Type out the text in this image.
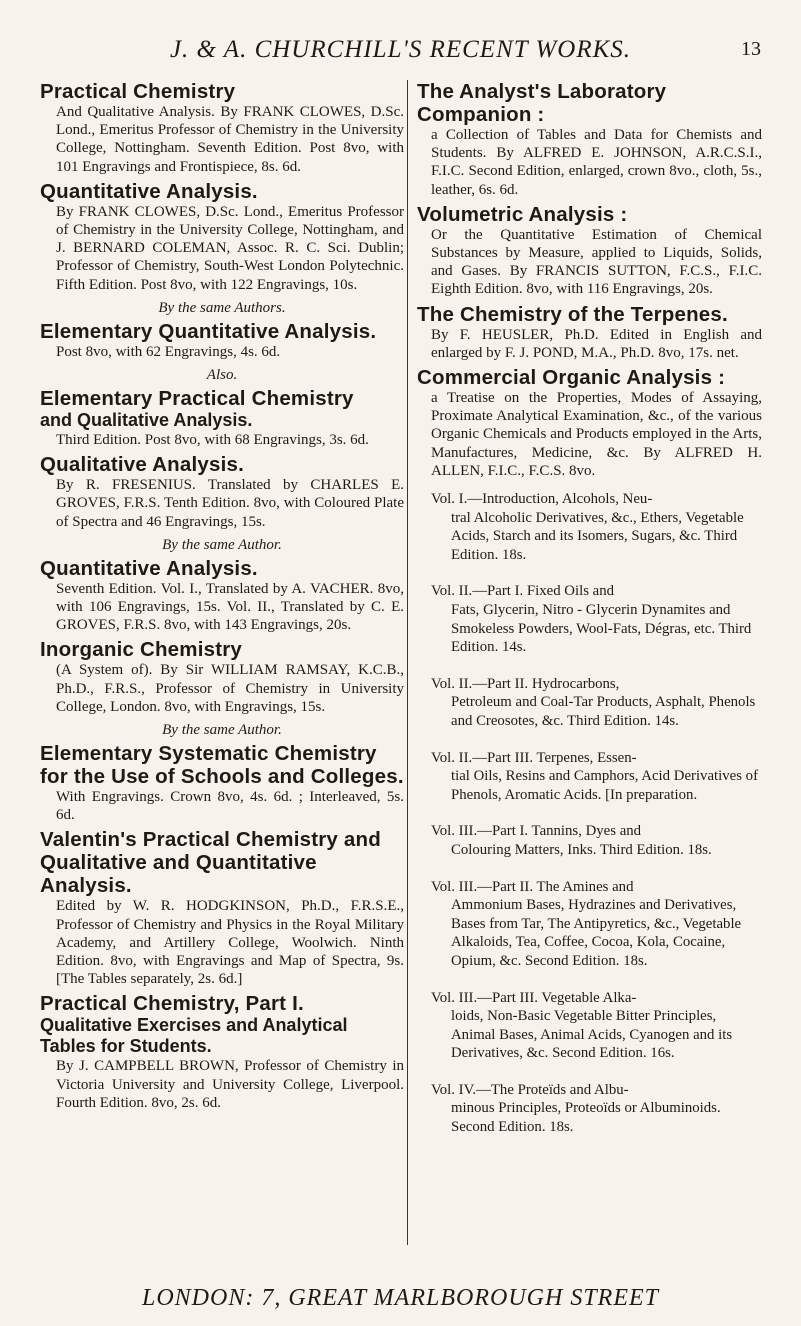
J. & A. CHURCHILL'S RECENT WORKS.	13
Practical Chemistry
And Qualitative Analysis. By FRANK CLOWES, D.Sc. Lond., Emeritus Professor of Chemistry in the University College, Nottingham. Seventh Edition. Post 8vo, with 101 Engravings and Frontispiece, 8s. 6d.
Quantitative Analysis.
By FRANK CLOWES, D.Sc. Lond., Emeritus Professor of Chemistry in the University College, Nottingham, and J. BERNARD COLEMAN, Assoc. R. C. Sci. Dublin; Professor of Chemistry, South-West London Polytechnic. Fifth Edition. Post 8vo, with 122 Engravings, 10s.
By the same Authors.
Elementary Quantitative Analysis.
Post 8vo, with 62 Engravings, 4s. 6d.
Also.
Elementary Practical Chemistry
and Qualitative Analysis.
Third Edition. Post 8vo, with 68 Engravings, 3s. 6d.
Qualitative Analysis.
By R. FRESENIUS. Translated by CHARLES E. GROVES, F.R.S. Tenth Edition. 8vo, with Coloured Plate of Spectra and 46 Engravings, 15s.
By the same Author.
Quantitative Analysis.
Seventh Edition. Vol. I., Translated by A. VACHER. 8vo, with 106 Engravings, 15s. Vol. II., Translated by C. E. GROVES, F.R.S. 8vo, with 143 Engravings, 20s.
Inorganic Chemistry
(A System of). By Sir WILLIAM RAMSAY, K.C.B., Ph.D., F.R.S., Professor of Chemistry in University College, London. 8vo, with Engravings, 15s.
By the same Author.
Elementary Systematic Chemistry for the Use of Schools and Colleges.
With Engravings. Crown 8vo, 4s. 6d. ; Interleaved, 5s. 6d.
Valentin's Practical Chemistry and Qualitative and Quantitative Analysis.
Edited by W. R. HODGKINSON, Ph.D., F.R.S.E., Professor of Chemistry and Physics in the Royal Military Academy, and Artillery College, Woolwich. Ninth Edition. 8vo, with Engravings and Map of Spectra, 9s. [The Tables separately, 2s. 6d.]
Practical Chemistry, Part I.
Qualitative Exercises and Analytical Tables for Students.
By J. CAMPBELL BROWN, Professor of Chemistry in Victoria University and University College, Liverpool. Fourth Edition. 8vo, 2s. 6d.
The Analyst's Laboratory Companion :
a Collection of Tables and Data for Chemists and Students. By ALFRED E. JOHNSON, A.R.C.S.I., F.I.C. Second Edition, enlarged, crown 8vo., cloth, 5s., leather, 6s. 6d.
Volumetric Analysis :
Or the Quantitative Estimation of Chemical Substances by Measure, applied to Liquids, Solids, and Gases. By FRANCIS SUTTON, F.C.S., F.I.C. Eighth Edition. 8vo, with 116 Engravings, 20s.
The Chemistry of the Terpenes.
By F. HEUSLER, Ph.D. Edited in English and enlarged by F. J. POND, M.A., Ph.D. 8vo, 17s. net.
Commercial Organic Analysis :
a Treatise on the Properties, Modes of Assaying, Proximate Analytical Examination, &c., of the various Organic Chemicals and Products employed in the Arts, Manufactures, Medicine, &c. By ALFRED H. ALLEN, F.I.C., F.C.S. 8vo.
Vol. I.—Introduction, Alcohols, Neu-
tral Alcoholic Derivatives, &c., Ethers, Vegetable Acids, Starch and its Isomers, Sugars, &c. Third Edition. 18s.
Vol. II.—Part I. Fixed Oils and
Fats, Glycerin, Nitro - Glycerin Dynamites and Smokeless Powders, Wool-Fats, Dégras, etc. Third Edition. 14s.
Vol. II.—Part II. Hydrocarbons,
Petroleum and Coal-Tar Products, Asphalt, Phenols and Creosotes, &c. Third Edition. 14s.
Vol. II.—Part III. Terpenes, Essen-
tial Oils, Resins and Camphors, Acid Derivatives of Phenols, Aromatic Acids. [In preparation.
Vol. III.—Part I. Tannins, Dyes and
Colouring Matters, Inks. Third Edition. 18s.
Vol. III.—Part II. The Amines and
Ammonium Bases, Hydrazines and Derivatives, Bases from Tar, The Antipyretics, &c., Vegetable Alkaloids, Tea, Coffee, Cocoa, Kola, Cocaine, Opium, &c. Second Edition. 18s.
Vol. III.—Part III. Vegetable Alka-
loids, Non-Basic Vegetable Bitter Principles, Animal Bases, Animal Acids, Cyanogen and its Derivatives, &c. Second Edition. 16s.
Vol. IV.—The Proteïds and Albu-
minous Principles, Proteoïds or Albuminoids. Second Edition. 18s.
LONDON: 7, GREAT MARLBOROUGH STREET
